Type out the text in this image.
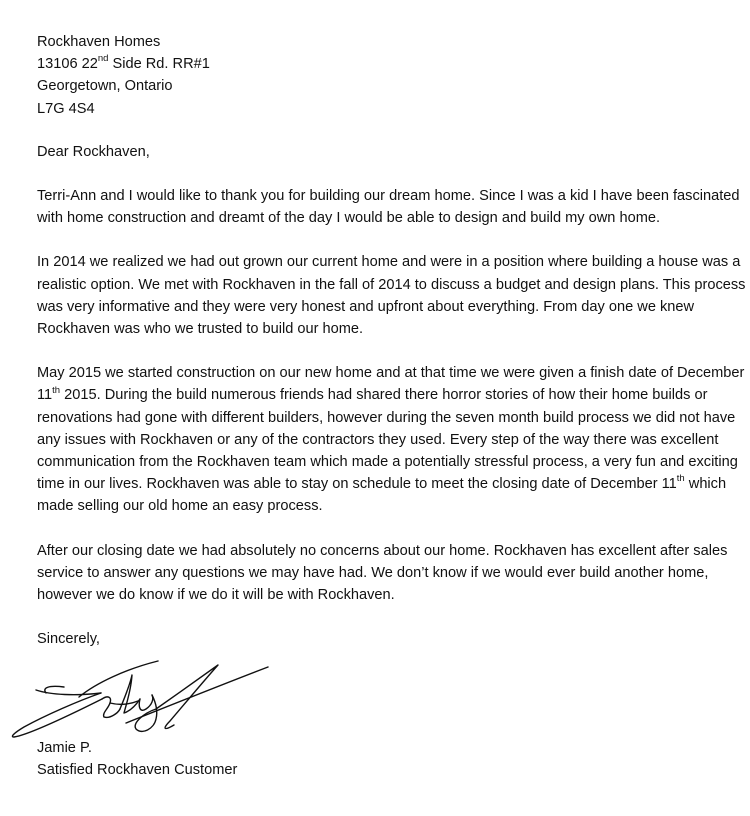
Rockhaven Homes
13106 22nd Side Rd. RR#1
Georgetown, Ontario
L7G 4S4

Dear Rockhaven,

Terri-Ann and I would like to thank you for building our dream home. Since I was a kid I have been fascinated with home construction and dreamt of the day I would be able to design and build my own home.

In 2014 we realized we had out grown our current home and were in a position where building a house was a realistic option. We met with Rockhaven in the fall of 2014 to discuss a budget and design plans. This process was very informative and they were very honest and upfront about everything. From day one we knew Rockhaven was who we trusted to build our home.

May 2015 we started construction on our new home and at that time we were given a finish date of December 11th 2015. During the build numerous friends had shared there horror stories of how their home builds or renovations had gone with different builders, however during the seven month build process we did not have any issues with Rockhaven or any of the contractors they used. Every step of the way there was excellent communication from the Rockhaven team which made a potentially stressful process, a very fun and exciting time in our lives. Rockhaven was able to stay on schedule to meet the closing date of December 11th which made selling our old home an easy process.

After our closing date we had absolutely no concerns about our home. Rockhaven has excellent after sales service to answer any questions we may have had. We don’t know if we would ever build another home, however we do know if we do it will be with Rockhaven.

Sincerely,

Jamie P.
Satisfied Rockhaven Customer
